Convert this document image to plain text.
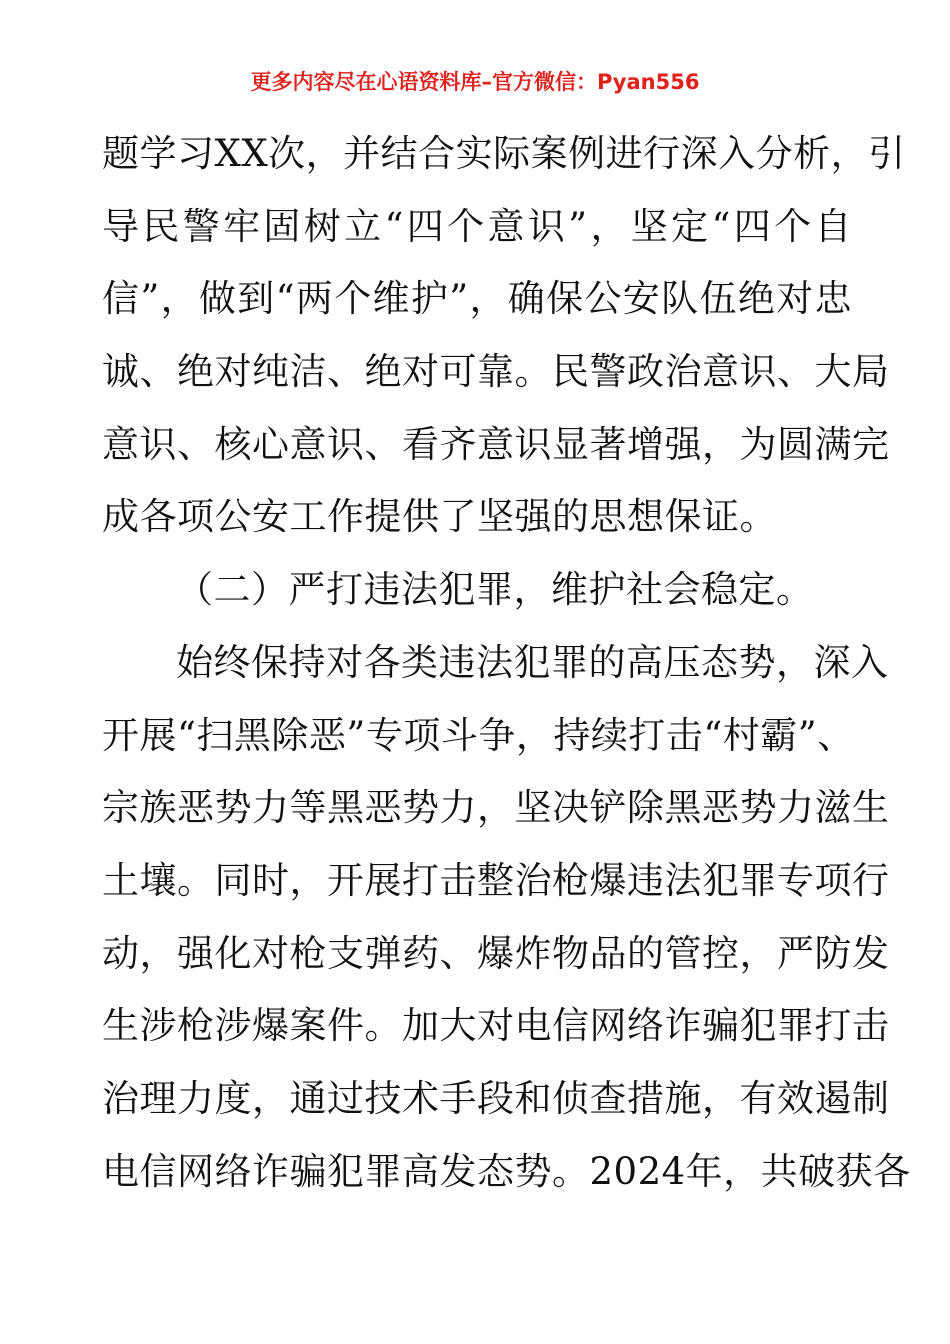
更多内容尽在心语资料库–官方微信：Pyan556
题学习XX次，并结合实际案例进行深入分析，引
导民警牢固树立“四个意识”，坚定“四个自
信”，做到“两个维护”，确保公安队伍绝对忠
诚、绝对纯洁、绝对可靠。民警政治意识、大局
意识、核心意识、看齐意识显著增强，为圆满完
成各项公安工作提供了坚强的思想保证。
（二）严打违法犯罪，维护社会稳定。
始终保持对各类违法犯罪的高压态势，深入
开展“扫黑除恶”专项斗争，持续打击“村霸”、
宗族恶势力等黑恶势力，坚决铲除黑恶势力滋生
土壤。同时，开展打击整治枪爆违法犯罪专项行
动，强化对枪支弹药、爆炸物品的管控，严防发
生涉枪涉爆案件。加大对电信网络诈骗犯罪打击
治理力度，通过技术手段和侦查措施，有效遏制
电信网络诈骗犯罪高发态势。2024年，共破获各
